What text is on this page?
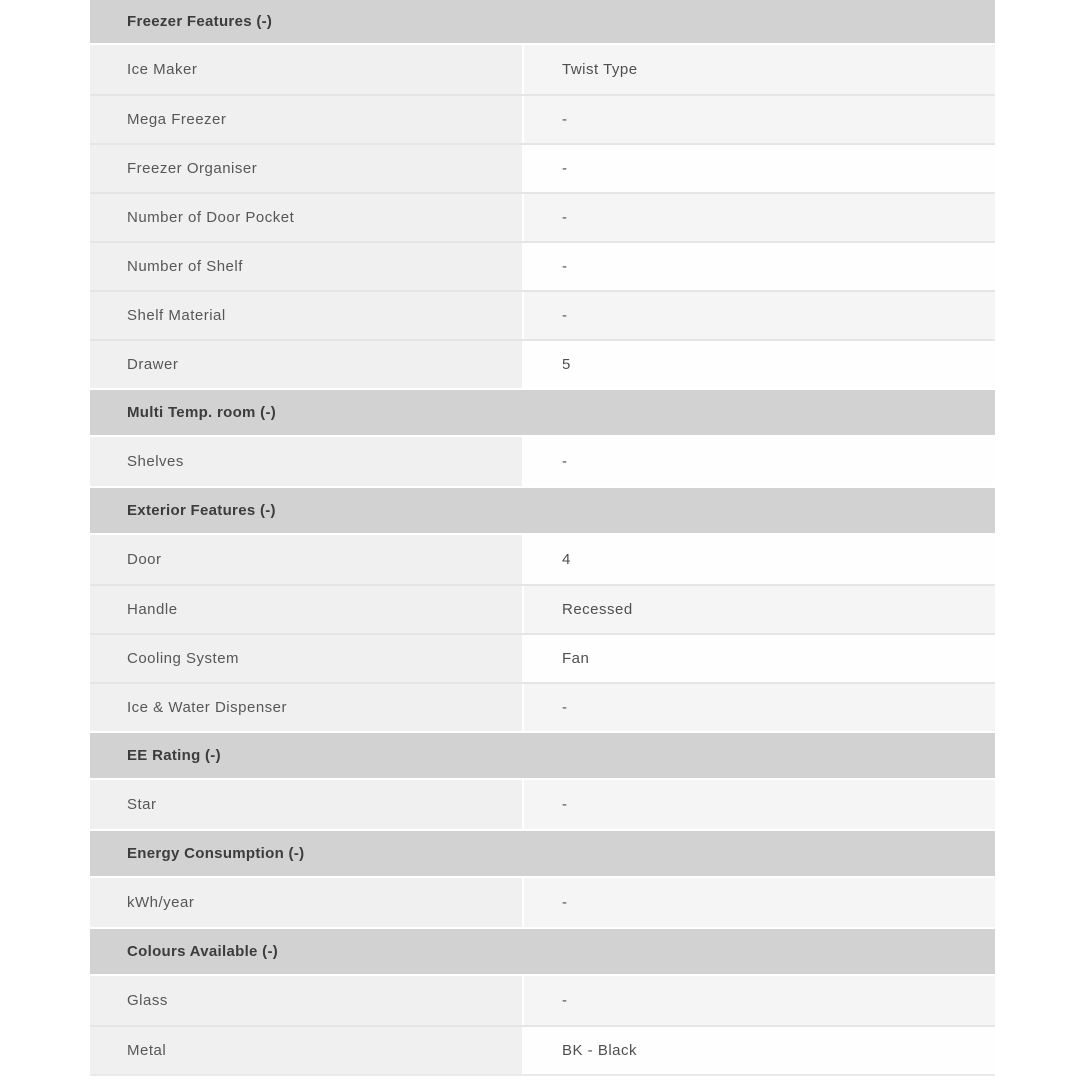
Freezer Features (-)
Ice Maker	Twist Type
Mega Freezer	-
Freezer Organiser	-
Number of Door Pocket	-
Number of Shelf	-
Shelf Material	-
Drawer	5
Multi Temp. room (-)
Shelves	-
Exterior Features (-)
Door	4
Handle	Recessed
Cooling System	Fan
Ice & Water Dispenser	-
EE Rating (-)
Star	-
Energy Consumption (-)
kWh/year	-
Colours Available (-)
Glass	-
Metal	BK - Black
